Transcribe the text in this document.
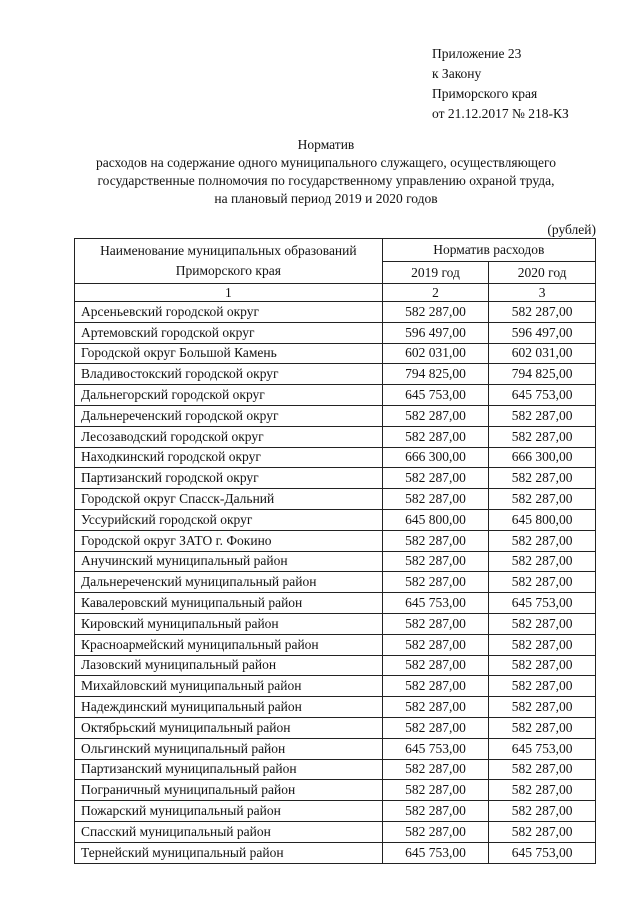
Приложение 23
к Закону
Приморского края
от 21.12.2017 № 218-КЗ
Норматив
расходов на содержание одного муниципального служащего, осуществляющего
государственные полномочия по государственному управлению охраной труда,
на плановый период 2019 и 2020 годов
(рублей)
Наименование муниципальных образований Приморского края	Норматив расходов	
	2019 год	2020 год
1	2	3
Арсеньевский городской округ	582 287,00	582 287,00
Артемовский городской округ	596 497,00	596 497,00
Городской округ Большой Камень	602 031,00	602 031,00
Владивостокский городской округ	794 825,00	794 825,00
Дальнегорский городской округ	645 753,00	645 753,00
Дальнереченский городской округ	582 287,00	582 287,00
Лесозаводский городской округ	582 287,00	582 287,00
Находкинский городской округ	666 300,00	666 300,00
Партизанский городской округ	582 287,00	582 287,00
Городской округ Спасск-Дальний	582 287,00	582 287,00
Уссурийский городской округ	645 800,00	645 800,00
Городской округ ЗАТО г. Фокино	582 287,00	582 287,00
Анучинский муниципальный район	582 287,00	582 287,00
Дальнереченский муниципальный район	582 287,00	582 287,00
Кавалеровский муниципальный район	645 753,00	645 753,00
Кировский муниципальный район	582 287,00	582 287,00
Красноармейский муниципальный район	582 287,00	582 287,00
Лазовский муниципальный район	582 287,00	582 287,00
Михайловский муниципальный район	582 287,00	582 287,00
Надеждинский муниципальный район	582 287,00	582 287,00
Октябрьский муниципальный район	582 287,00	582 287,00
Ольгинский муниципальный район	645 753,00	645 753,00
Партизанский муниципальный район	582 287,00	582 287,00
Пограничный муниципальный район	582 287,00	582 287,00
Пожарский муниципальный район	582 287,00	582 287,00
Спасский муниципальный район	582 287,00	582 287,00
Тернейский муниципальный район	645 753,00	645 753,00
